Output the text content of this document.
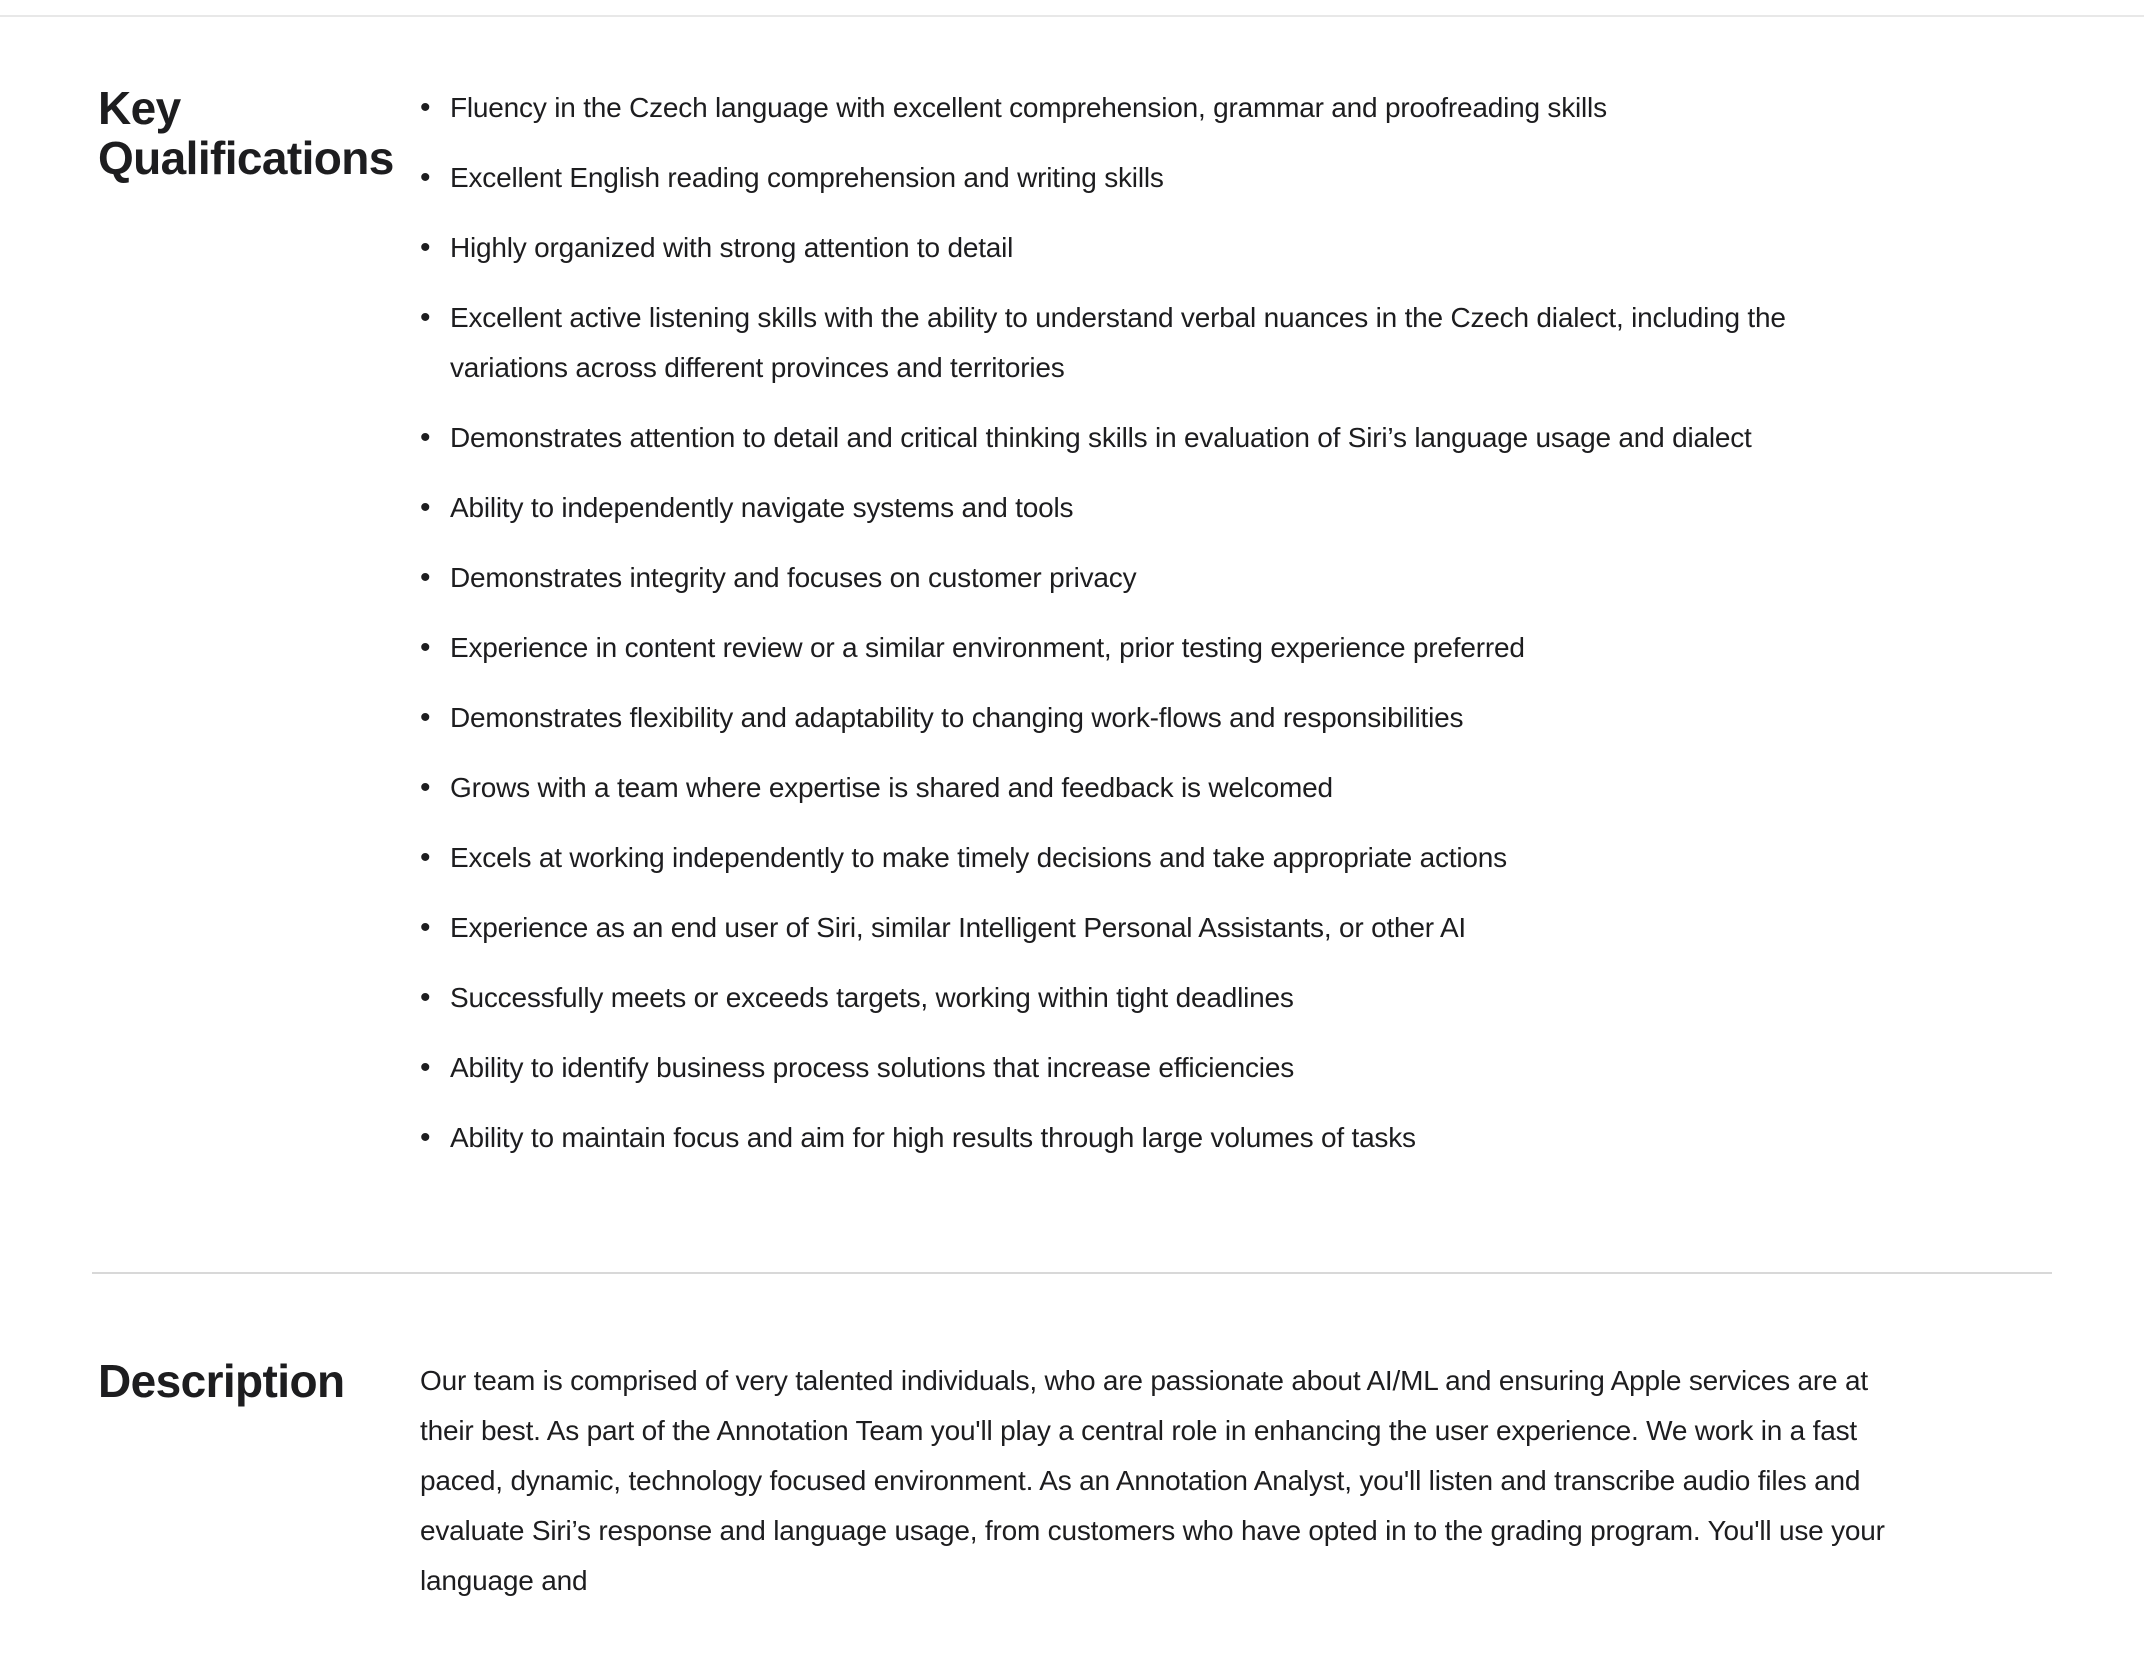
Key Qualifications
• Fluency in the Czech language with excellent comprehension, grammar and proofreading skills
• Excellent English reading comprehension and writing skills
• Highly organized with strong attention to detail
• Excellent active listening skills with the ability to understand verbal nuances in the Czech dialect, including the variations across different provinces and territories
• Demonstrates attention to detail and critical thinking skills in evaluation of Siri’s language usage and dialect
• Ability to independently navigate systems and tools
• Demonstrates integrity and focuses on customer privacy
• Experience in content review or a similar environment, prior testing experience preferred
• Demonstrates flexibility and adaptability to changing work-flows and responsibilities
• Grows with a team where expertise is shared and feedback is welcomed
• Excels at working independently to make timely decisions and take appropriate actions
• Experience as an end user of Siri, similar Intelligent Personal Assistants, or other AI
• Successfully meets or exceeds targets, working within tight deadlines
• Ability to identify business process solutions that increase efficiencies
• Ability to maintain focus and aim for high results through large volumes of tasks
Description	Our team is comprised of very talented individuals, who are passionate about AI/ML and ensuring Apple services are at their best. As part of the Annotation Team you'll play a central role in enhancing the user experience. We work in a fast paced, dynamic, technology focused environment. As an Annotation Analyst, you'll listen and transcribe audio files and evaluate Siri’s response and language usage, from customers who have opted in to the grading program. You'll use your language and
